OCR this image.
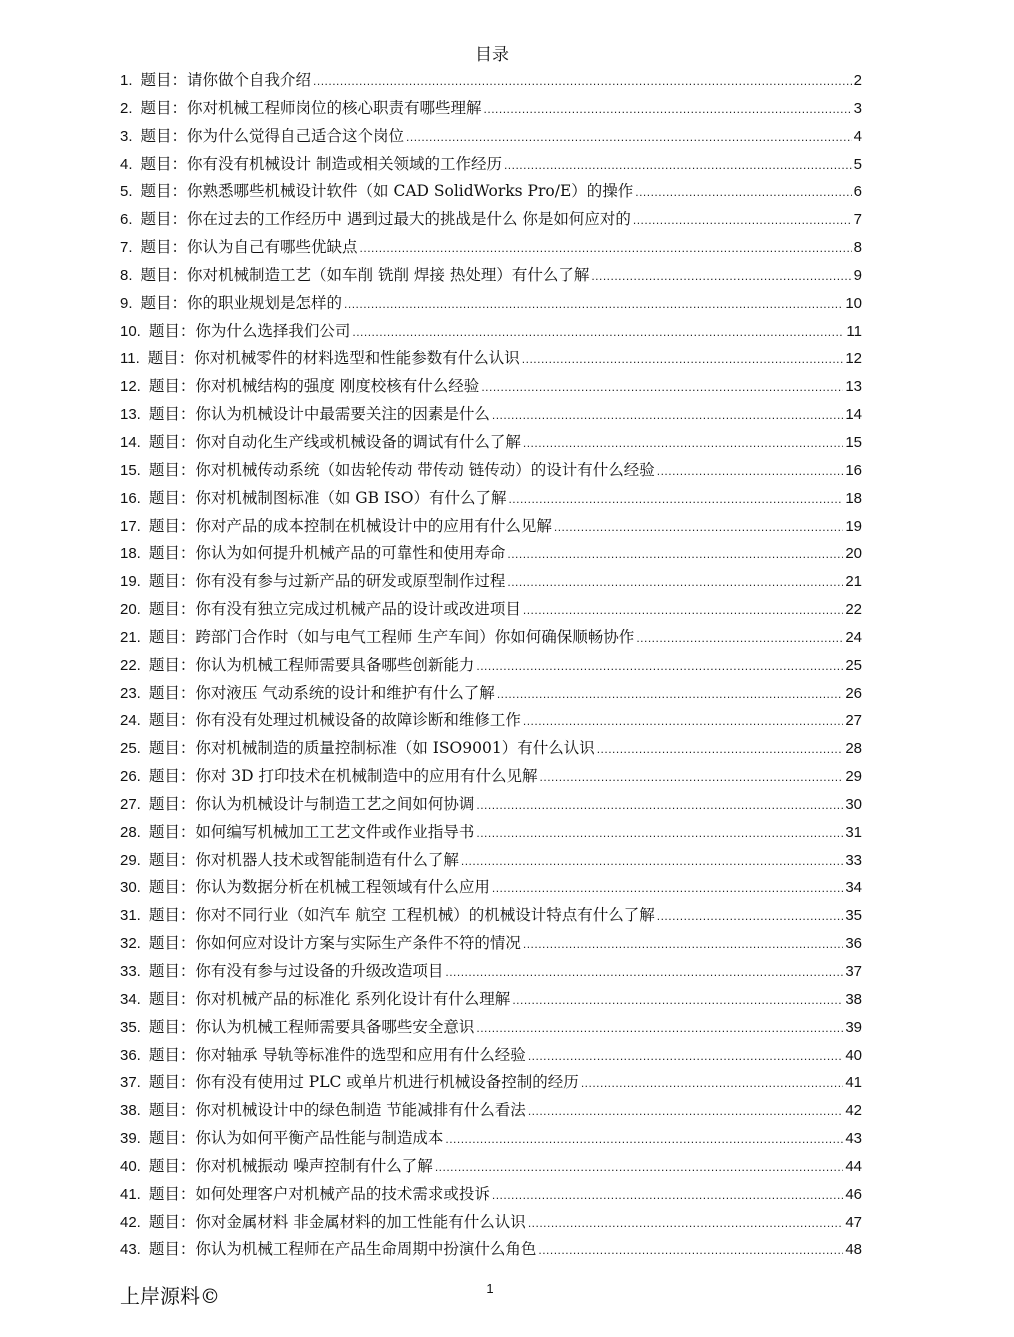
目录
1. 题目： 请你做个自我介绍 .....	2
2. 题目： 你对机械工程师岗位的核心职责有哪些理解 .....	3
3. 题目： 你为什么觉得自己适合这个岗位 .....	4
4. 题目： 你有没有机械设计 制造或相关领域的工作经历 .....	5
5. 题目： 你熟悉哪些机械设计软件（如 CAD SolidWorks Pro/E）的操作 .....	6
6. 题目： 你在过去的工作经历中 遇到过最大的挑战是什么 你是如何应对的 .....	7
7. 题目： 你认为自己有哪些优缺点 .....	8
8. 题目： 你对机械制造工艺（如车削 铣削 焊接 热处理）有什么了解 .....	9
9. 题目： 你的职业规划是怎样的 .....	10
10. 题目： 你为什么选择我们公司 .....	11
11. 题目： 你对机械零件的材料选型和性能参数有什么认识 .....	12
12. 题目： 你对机械结构的强度 刚度校核有什么经验 .....	13
13. 题目： 你认为机械设计中最需要关注的因素是什么 .....	14
14. 题目： 你对自动化生产线或机械设备的调试有什么了解 .....	15
15. 题目： 你对机械传动系统（如齿轮传动 带传动 链传动）的设计有什么经验 .....	16
16. 题目： 你对机械制图标准（如 GB ISO）有什么了解 .....	18
17. 题目： 你对产品的成本控制在机械设计中的应用有什么见解 .....	19
18. 题目： 你认为如何提升机械产品的可靠性和使用寿命 .....	20
19. 题目： 你有没有参与过新产品的研发或原型制作过程 .....	21
20. 题目： 你有没有独立完成过机械产品的设计或改进项目 .....	22
21. 题目： 跨部门合作时（如与电气工程师 生产车间）你如何确保顺畅协作 .....	24
22. 题目： 你认为机械工程师需要具备哪些创新能力 .....	25
23. 题目： 你对液压 气动系统的设计和维护有什么了解 .....	26
24. 题目： 你有没有处理过机械设备的故障诊断和维修工作 .....	27
25. 题目： 你对机械制造的质量控制标准（如 ISO9001）有什么认识 .....	28
26. 题目： 你对 3D 打印技术在机械制造中的应用有什么见解 .....	29
27. 题目： 你认为机械设计与制造工艺之间如何协调 .....	30
28. 题目： 如何编写机械加工工艺文件或作业指导书 .....	31
29. 题目： 你对机器人技术或智能制造有什么了解 .....	33
30. 题目： 你认为数据分析在机械工程领域有什么应用 .....	34
31. 题目： 你对不同行业（如汽车 航空 工程机械）的机械设计特点有什么了解 .....	35
32. 题目： 你如何应对设计方案与实际生产条件不符的情况 .....	36
33. 题目： 你有没有参与过设备的升级改造项目 .....	37
34. 题目： 你对机械产品的标准化 系列化设计有什么理解 .....	38
35. 题目： 你认为机械工程师需要具备哪些安全意识 .....	39
36. 题目： 你对轴承 导轨等标准件的选型和应用有什么经验 .....	40
37. 题目： 你有没有使用过 PLC 或单片机进行机械设备控制的经历 .....	41
38. 题目： 你对机械设计中的绿色制造 节能减排有什么看法 .....	42
39. 题目： 你认为如何平衡产品性能与制造成本 .....	43
40. 题目： 你对机械振动 噪声控制有什么了解 .....	44
41. 题目： 如何处理客户对机械产品的技术需求或投诉 .....	46
42. 题目： 你对金属材料 非金属材料的加工性能有什么认识 .....	47
43. 题目： 你认为机械工程师在产品生命周期中扮演什么角色 .....	48
上岸源料©	1
